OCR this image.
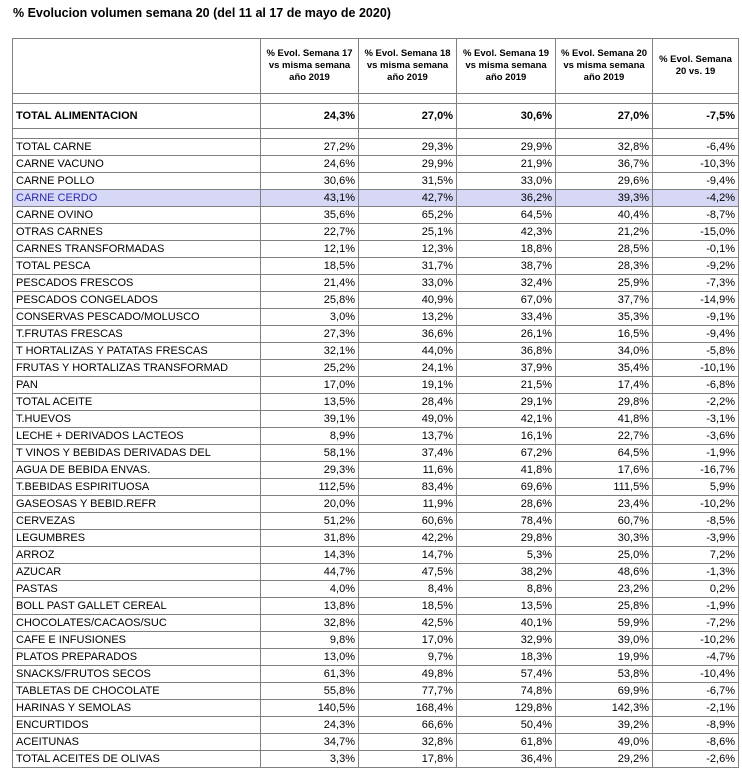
% Evolucion volumen semana 20 (del 11 al 17 de mayo de 2020)
	% Evol. Semana 17 vs misma semana año 2019	% Evol. Semana 18 vs misma semana año 2019	% Evol. Semana 19 vs misma semana año 2019	% Evol. Semana 20 vs misma semana año 2019	% Evol. Semana 20 vs. 19

TOTAL ALIMENTACION	24,3%	27,0%	30,6%	27,0%	-7,5%

TOTAL CARNE	27,2%	29,3%	29,9%	32,8%	-6,4%
CARNE VACUNO	24,6%	29,9%	21,9%	36,7%	-10,3%
CARNE POLLO	30,6%	31,5%	33,0%	29,6%	-9,4%
CARNE CERDO	43,1%	42,7%	36,2%	39,3%	-4,2%
CARNE OVINO	35,6%	65,2%	64,5%	40,4%	-8,7%
OTRAS CARNES	22,7%	25,1%	42,3%	21,2%	-15,0%
CARNES TRANSFORMADAS	12,1%	12,3%	18,8%	28,5%	-0,1%
TOTAL PESCA	18,5%	31,7%	38,7%	28,3%	-9,2%
PESCADOS FRESCOS	21,4%	33,0%	32,4%	25,9%	-7,3%
PESCADOS CONGELADOS	25,8%	40,9%	67,0%	37,7%	-14,9%
CONSERVAS PESCADO/MOLUSCO	3,0%	13,2%	33,4%	35,3%	-9,1%
T.FRUTAS FRESCAS	27,3%	36,6%	26,1%	16,5%	-9,4%
T HORTALIZAS Y PATATAS FRESCAS	32,1%	44,0%	36,8%	34,0%	-5,8%
FRUTAS Y HORTALIZAS TRANSFORMAD	25,2%	24,1%	37,9%	35,4%	-10,1%
PAN	17,0%	19,1%	21,5%	17,4%	-6,8%
TOTAL ACEITE	13,5%	28,4%	29,1%	29,8%	-2,2%
T.HUEVOS	39,1%	49,0%	42,1%	41,8%	-3,1%
LECHE + DERIVADOS LACTEOS	8,9%	13,7%	16,1%	22,7%	-3,6%
T VINOS Y BEBIDAS DERIVADAS DEL	58,1%	37,4%	67,2%	64,5%	-1,9%
AGUA DE BEBIDA ENVAS.	29,3%	11,6%	41,8%	17,6%	-16,7%
T.BEBIDAS ESPIRITUOSA	112,5%	83,4%	69,6%	111,5%	5,9%
GASEOSAS Y BEBID.REFR	20,0%	11,9%	28,6%	23,4%	-10,2%
CERVEZAS	51,2%	60,6%	78,4%	60,7%	-8,5%
LEGUMBRES	31,8%	42,2%	29,8%	30,3%	-3,9%
ARROZ	14,3%	14,7%	5,3%	25,0%	7,2%
AZUCAR	44,7%	47,5%	38,2%	48,6%	-1,3%
PASTAS	4,0%	8,4%	8,8%	23,2%	0,2%
BOLL PAST GALLET CEREAL	13,8%	18,5%	13,5%	25,8%	-1,9%
CHOCOLATES/CACAOS/SUC	32,8%	42,5%	40,1%	59,9%	-7,2%
CAFE E INFUSIONES	9,8%	17,0%	32,9%	39,0%	-10,2%
PLATOS PREPARADOS	13,0%	9,7%	18,3%	19,9%	-4,7%
SNACKS/FRUTOS SECOS	61,3%	49,8%	57,4%	53,8%	-10,4%
TABLETAS DE CHOCOLATE	55,8%	77,7%	74,8%	69,9%	-6,7%
HARINAS Y SEMOLAS	140,5%	168,4%	129,8%	142,3%	-2,1%
ENCURTIDOS	24,3%	66,6%	50,4%	39,2%	-8,9%
ACEITUNAS	34,7%	32,8%	61,8%	49,0%	-8,6%
TOTAL ACEITES DE OLIVAS	3,3%	17,8%	36,4%	29,2%	-2,6%
